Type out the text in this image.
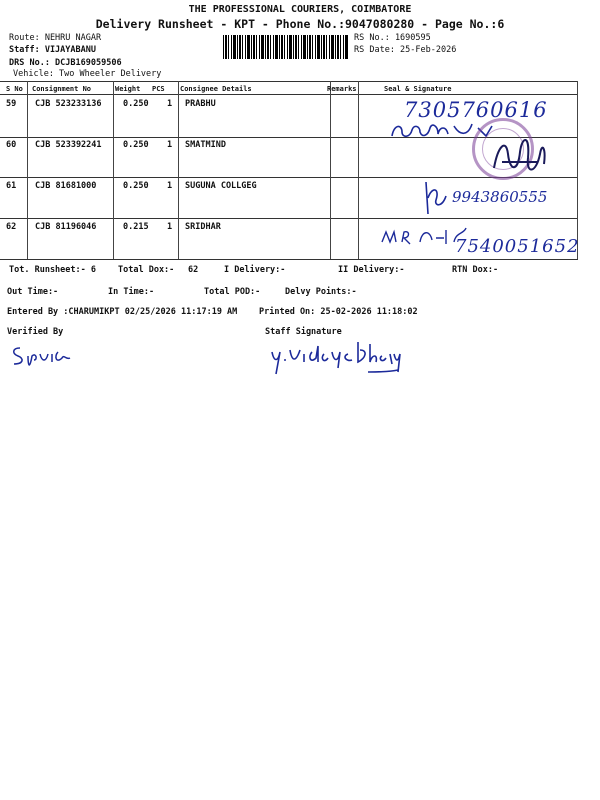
THE PROFESSIONAL COURIERS, COIMBATORE
Delivery Runsheet - KPT - Phone No.:9047080280 - Page No.:6
Route: NEHRU NAGAR
Staff: VIJAYABANU
DRS No.: DCJB169059506
Vehicle: Two Wheeler Delivery
RS No.: 1690595
RS Date: 25-Feb-2026
S No Consignment No	Weight PCS Consignee Details	Remarks	Seal & Signature
59 CJB 523233136	0.250 1 PRABHU
60 CJB 523392241	0.250 1 SMATMIND
61 CJB 81681000	0.250 1 SUGUNA COLLGEG
62 CJB 81196046	0.215 1 SRIDHAR
7305760616
9943860555
7540051652
Tot. Runsheet:- 6	Total Dox:- 62	I Delivery:-	II Delivery:-	RTN Dox:-
Out Time:-	In Time:-	Total POD:-	Delvy Points:-
Entered By :CHARUMIKPT 02/25/2026 11:17:19 AM	Printed On: 25-02-2026 11:18:02
Verified By	Staff Signature
